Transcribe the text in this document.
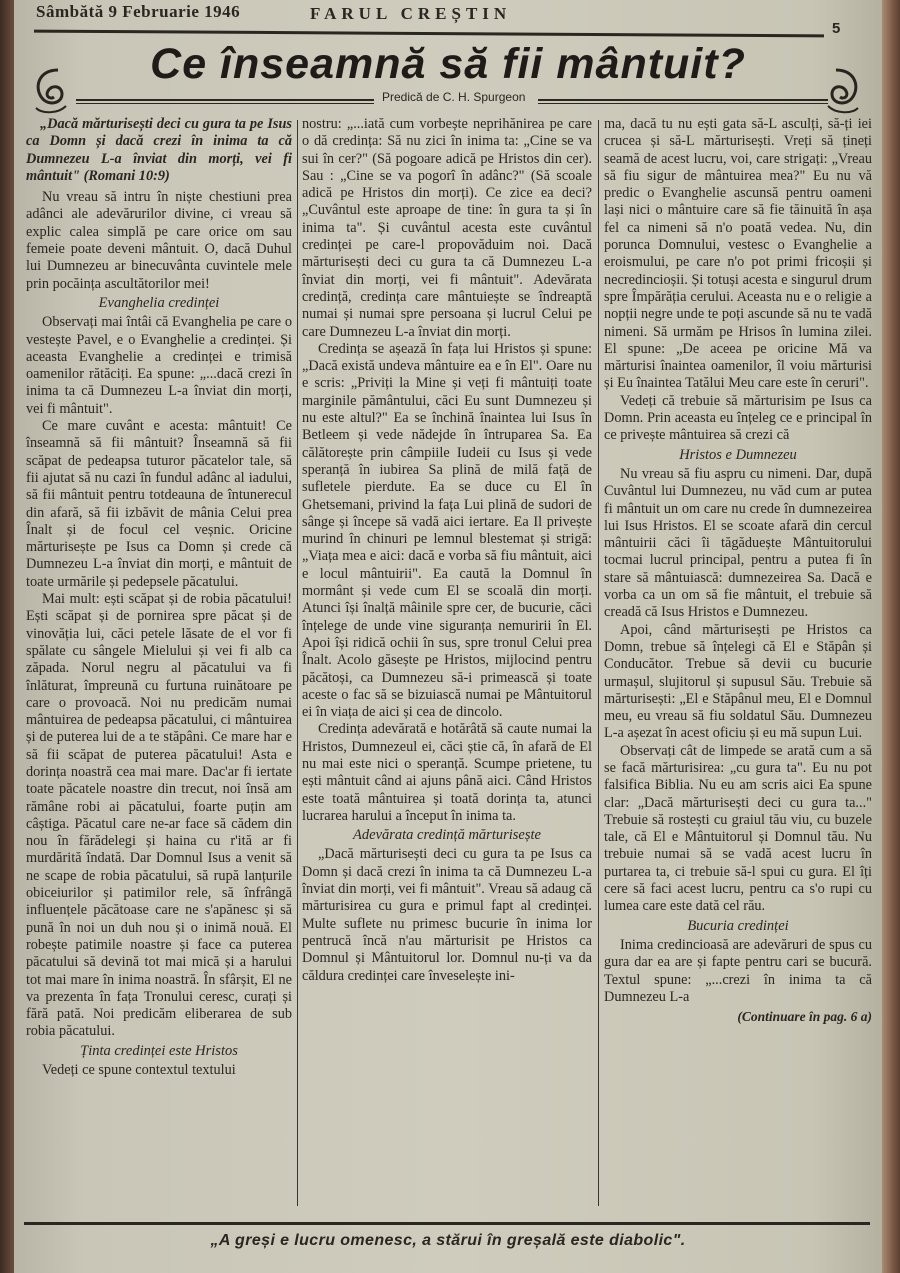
Sâmbătă 9 Februarie 1946	FARUL CREȘTIN
5
Ce înseamnă să fii mântuit?
Predică de C. H. Spurgeon

„Dacă mărturisești deci cu gura ta pe Isus ca Domn și dacă crezi în inima ta că Dumnezeu L-a înviat din morți, vei fi mântuit" (Romani 10:9)

Nu vreau să intru în niște chestiuni prea adânci ale adevărurilor divine, ci vreau să explic calea simplă pe care orice om sau femeie poate deveni mântuit. O, dacă Duhul lui Dumnezeu ar binecuvânta cuvintele mele prin pocăința ascultătorilor mei!

Evanghelia credinței

Observați mai întâi că Evanghelia pe care o vestește Pavel, e o Evanghelie a credinței. Și aceasta Evanghelie a credinței e trimisă oamenilor rătăciți. Ea spune: „...dacă crezi în inima ta că Dumnezeu L-a înviat din morți, vei fi mântuit".

Ce mare cuvânt e acesta: mântuit! Ce înseamnă să fii mântuit? Înseamnă să fii scăpat de pedeapsa tuturor păcatelor tale, să fii ajutat să nu cazi în fundul adânc al iadului, să fii mântuit pentru totdeauna de întunerecul din afară, să fii izbăvit de mânia Celui prea Înalt și de focul cel veșnic. Oricine mărturisește pe Isus ca Domn și crede că Dumnezeu L-a înviat din morți, e mântuit de toate urmările și pedepsele păcatului.

Mai mult: ești scăpat și de robia păcatului! Ești scăpat și de pornirea spre păcat și de vinovăția lui, căci petele lăsate de el vor fi spălate cu sângele Mielului și vei fi alb ca zăpada. Norul negru al păcatului va fi înlăturat, împreună cu furtuna ruinătoare pe care o provoacă. Noi nu predicăm numai mântuirea de pedeapsa păcatului, ci mântuirea și de puterea lui de a te stăpâni. Ce mare har e să fii scăpat de puterea păcatului! Asta e dorința noastră cea mai mare. Dac'ar fi iertate toate păcatele noastre din trecut, noi însă am rămâne robi ai păcatului, foarte puțin am câștiga. Păcatul care ne-ar face să cădem din nou în fărădelegi și haina cu r'ită ar fi murdărită îndată. Dar Domnul Isus a venit să ne scape de robia păcatului, să rupă lanțurile obiceiurilor și patimilor rele, să înfrângă influențele păcătoase care ne s'apănesc și să pună în noi un duh nou și o inimă nouă. El robește patimile noastre și face ca puterea păcatului să devină tot mai mică și a harului tot mai mare în inima noastră. În sfârșit, El ne va prezenta în fața Tronului ceresc, curați și fără pată. Noi predicăm eliberarea de sub robia păcatului.

Ținta credinței este Hristos

Vedeți ce spune contextul textului

nostru: „...iată cum vorbește neprihănirea pe care o dă credința: Să nu zici în inima ta: „Cine se va sui în cer?" (Să pogoare adică pe Hristos din cer). Sau : „Cine se va pogorî în adânc?" (Să scoale adică pe Hristos din morți). Ce zice ea deci? „Cuvântul este aproape de tine: în gura ta și în inima ta". Și cuvântul acesta este cuvântul credinței pe care-l propovăduim noi. Dacă mărturisești deci cu gura ta că Dumnezeu L-a înviat din morți, vei fi mântuit". Adevărata credință, credința care mântuiește se îndreaptă numai și numai spre persoana și lucrul Celui pe care Dumnezeu L-a înviat din morți.

Credința se așează în fața lui Hristos și spune: „Dacă există undeva mântuire ea e în El". Oare nu e scris: „Priviți la Mine și veți fi mântuiți toate marginile pământului, căci Eu sunt Dumnezeu și nu este altul?" Ea se închină înaintea lui Isus în Betleem și vede nădejde în întruparea Sa. Ea călătorește prin câmpiile Iudeii cu Isus și vede speranță în iubirea Sa plină de milă față de sufletele pierdute. Ea se duce cu El în Ghetsemani, privind la fața Lui plină de sudori de sânge și începe să vadă aici iertare. Ea Il privește murind în chinuri pe lemnul blestemat și strigă: „Viața mea e aici: dacă e vorba să fiu mântuit, aici e locul mântuirii". Ea caută la Domnul în mormânt și vede cum El se scoală din morți. Atunci își înalță mâinile spre cer, de bucurie, căci înțelege de unde vine siguranța nemuririi în El. Apoi își ridică ochii în sus, spre tronul Celui prea Înalt. Acolo găsește pe Hristos, mijlocind pentru păcătoși, ca Dumnezeu să-i primească și toate aceste o fac să se bizuiască numai pe Mântuitorul ei în viața de aici și cea de dincolo.

Credința adevărată e hotărâtă să caute numai la Hristos, Dumnezeul ei, căci știe că, în afară de El nu mai este nici o speranță. Scumpe prietene, tu ești mântuit când ai ajuns până aici. Când Hristos este toată mântuirea și toată dorința ta, atunci lucrarea harului a început în inima ta.

Adevărata credință mărturisește

„Dacă mărturisești deci cu gura ta pe Isus ca Domn și dacă crezi în inima ta că Dumnezeu L-a înviat din morți, vei fi mântuit". Vreau să adaug că mărturisirea cu gura e primul fapt al credinței. Multe suflete nu primesc bucurie în inima lor pentrucă încă n'au mărturisit pe Hristos ca Domnul și Mântuitorul lor. Domnul nu-ți va da căldura credinței care înveselește ini-

ma, dacă tu nu ești gata să-L asculți, să-ți iei crucea și să-L mărturisești. Vreți să țineți seamă de acest lucru, voi, care strigați: „Vreau să fiu sigur de mântuirea mea?" Eu nu vă predic o Evanghelie ascunsă pentru oameni lași nici o mântuire care să fie tăinuită în așa fel ca nimeni să n'o poată vedea. Nu, din porunca Domnului, vestesc o Evanghelie a eroismului, pe care n'o pot primi fricoșii și necredincioșii. Și totuși acesta e singurul drum spre Împărăția cerului. Aceasta nu e o religie a nopții negre unde te poți ascunde să nu te vadă nimeni. Să urmăm pe Hrisos în lumina zilei. El spune: „De aceea pe oricine Mă va mărturisi înaintea oamenilor, îl voiu mărturisi și Eu înaintea Tatălui Meu care este în ceruri".

Vedeți că trebuie să mărturisim pe Isus ca Domn. Prin aceasta eu înțeleg ce e principal în ce privește mântuirea să crezi că

Hristos e Dumnezeu

Nu vreau să fiu aspru cu nimeni. Dar, după Cuvântul lui Dumnezeu, nu văd cum ar putea fi mântuit un om care nu crede în dumnezeirea lui Isus Hristos. El se scoate afară din cercul mântuirii căci îi tăgăduește Mântuitorului tocmai lucrul principal, pentru a putea fi în stare să mântuiască: dumnezeirea Sa. Dacă e vorba ca un om să fie mântuit, el trebuie să creadă că Isus Hristos e Dumnezeu.

Apoi, când mărturisești pe Hristos ca Domn, trebue să înțelegi că El e Stăpân și Conducător. Trebue să devii cu bucurie urmașul, slujitorul și supusul Său. Trebuie să mărturisești: „El e Stăpânul meu, El e Domnul meu, eu vreau să fiu soldatul Său. Dumnezeu L-a așezat în acest oficiu și eu mă supun Lui.

Observați cât de limpede se arată cum a să se facă mărturisirea: „cu gura ta". Eu nu pot falsifica Biblia. Nu eu am scris aici Ea spune clar: „Dacă mărturisești deci cu gura ta..." Trebuie să rostești cu graiul tău viu, cu buzele tale, că El e Mântuitorul și Domnul tău. Nu trebuie numai să se vadă acest lucru în purtarea ta, ci trebuie să-l spui cu gura. El îți cere să faci acest lucru, pentru ca s'o rupi cu lumea care este dată cel rău.

Bucuria credinței

Inima credincioasă are adevăruri de spus cu gura dar ea are și fapte pentru cari se bucură. Textul spune: „...crezi în inima ta că Dumnezeu L-a

(Continuare în pag. 6 a)

„A greși e lucru omenesc, a stărui în greșală este diabolic".
